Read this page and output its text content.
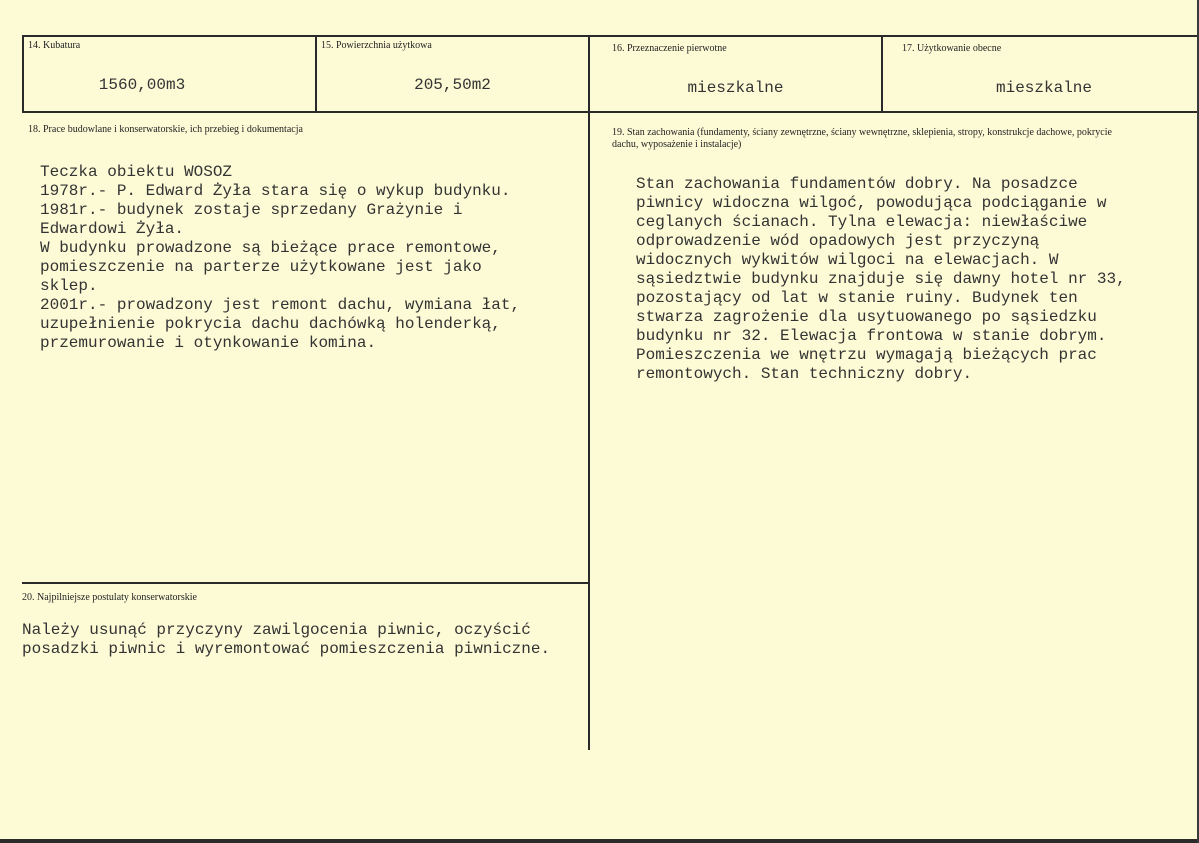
14. Kubatura
1560,00m3
15. Powierzchnia użytkowa
205,50m2
16. Przeznaczenie pierwotne
mieszkalne
17. Użytkowanie obecne
mieszkalne
18. Prace budowlane i konserwatorskie, ich przebieg i dokumentacja

Teczka obiektu WOSOZ
1978r.- P. Edward Żyła stara się o wykup budynku.
1981r.- budynek zostaje sprzedany Grażynie i
Edwardowi Żyła.
W budynku prowadzone są bieżące prace remontowe,
pomieszczenie na parterze użytkowane jest jako
sklep.
2001r.- prowadzony jest remont dachu, wymiana łat,
uzupełnienie pokrycia dachu dachówką holenderką,
przemurowanie i otynkowanie komina.

19. Stan zachowania (fundamenty, ściany zewnętrzne, ściany wewnętrzne, sklepienia, stropy, konstrukcje dachowe, pokrycie dachu, wyposażenie i instalacje)

Stan zachowania fundamentów dobry. Na posadzce
piwnicy widoczna wilgoć, powodująca podciąganie w
ceglanych ścianach. Tylna elewacja: niewłaściwe
odprowadzenie wód opadowych jest przyczyną
widocznych wykwitów wilgoci na elewacjach. W
sąsiedztwie budynku znajduje się dawny hotel nr 33,
pozostający od lat w stanie ruiny. Budynek ten
stwarza zagrożenie dla usytuowanego po sąsiedzku
budynku nr 32. Elewacja frontowa w stanie dobrym.
Pomieszczenia we wnętrzu wymagają bieżących prac
remontowych. Stan techniczny dobry.

20. Najpilniejsze postulaty konserwatorskie

Należy usunąć przyczyny zawilgocenia piwnic, oczyścić
posadzki piwnic i wyremontować pomieszczenia piwniczne.
